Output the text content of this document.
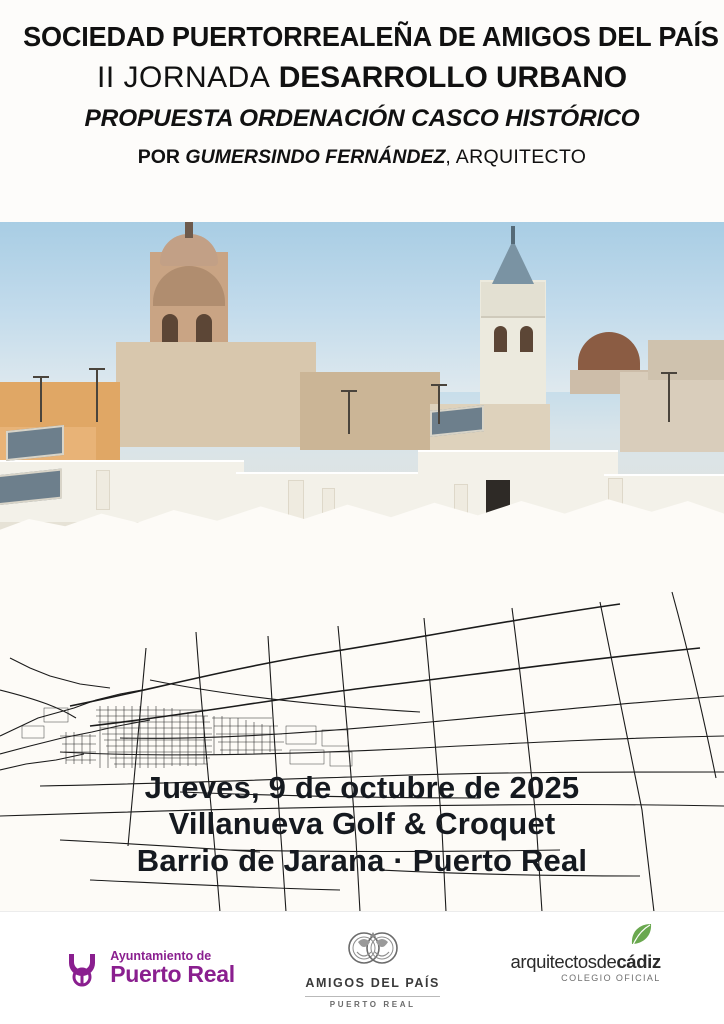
SOCIEDAD PUERTORREALEÑA DE AMIGOS DEL PAÍS
II JORNADA DESARROLLO URBANO
PROPUESTA ORDENACIÓN CASCO HISTÓRICO
POR GUMERSINDO FERNÁNDEZ, ARQUITECTO
Jueves, 9 de octubre de 2025
Villanueva Golf & Croquet
Barrio de Jarana · Puerto Real
Ayuntamiento de
Puerto Real	AMIGOS DEL PAÍS
PUERTO REAL
arquitectosdecádiz
COLEGIO OFICIAL
